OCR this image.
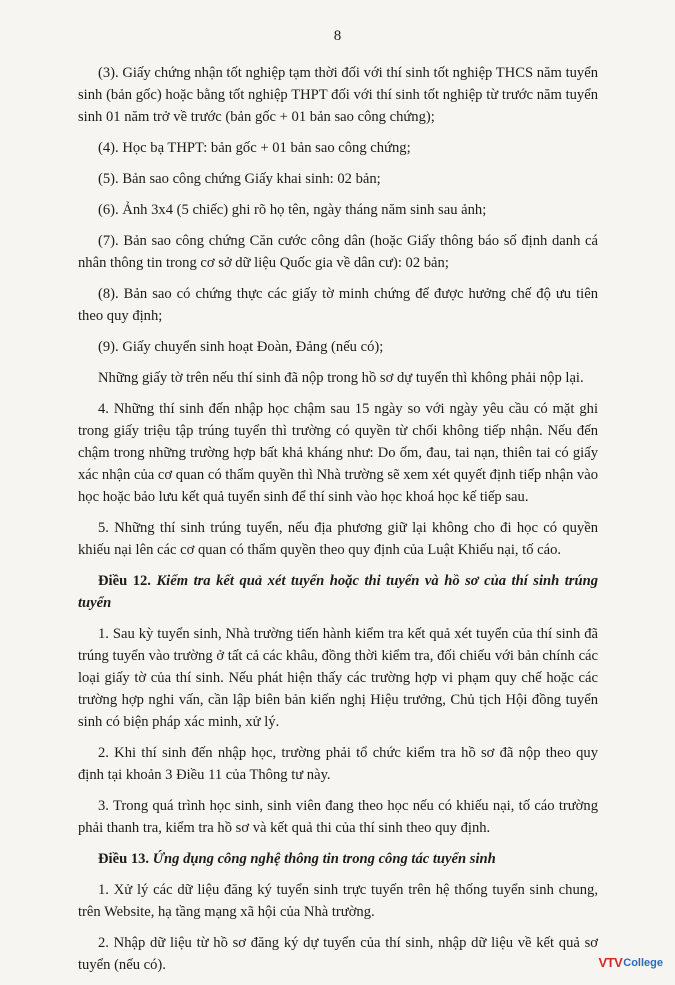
8

(3). Giấy chứng nhận tốt nghiệp tạm thời đối với thí sinh tốt nghiệp THCS năm tuyển sinh (bản gốc) hoặc bằng tốt nghiệp THPT đối với thí sinh tốt nghiệp từ trước năm tuyển sinh 01 năm trở về trước (bản gốc + 01 bản sao công chứng);

(4). Học bạ THPT: bản gốc + 01 bản sao công chứng;

(5). Bản sao công chứng Giấy khai sinh: 02 bản;

(6). Ảnh 3x4 (5 chiếc) ghi rõ họ tên, ngày tháng năm sinh sau ảnh;

(7). Bản sao công chứng Căn cước công dân (hoặc Giấy thông báo số định danh cá nhân thông tin trong cơ sở dữ liệu Quốc gia về dân cư): 02 bản;

(8). Bản sao có chứng thực các giấy tờ minh chứng để được hưởng chế độ ưu tiên theo quy định;

(9). Giấy chuyển sinh hoạt Đoàn, Đảng (nếu có);

Những giấy tờ trên nếu thí sinh đã nộp trong hồ sơ dự tuyển thì không phải nộp lại.

4. Những thí sinh đến nhập học chậm sau 15 ngày so với ngày yêu cầu có mặt ghi trong giấy triệu tập trúng tuyển thì trường có quyền từ chối không tiếp nhận. Nếu đến chậm trong những trường hợp bất khả kháng như: Do ốm, đau, tai nạn, thiên tai có giấy xác nhận của cơ quan có thẩm quyền thì Nhà trường sẽ xem xét quyết định tiếp nhận vào học hoặc bảo lưu kết quả tuyển sinh để thí sinh vào học khoá học kế tiếp sau.

5. Những thí sinh trúng tuyển, nếu địa phương giữ lại không cho đi học có quyền khiếu nại lên các cơ quan có thẩm quyền theo quy định của Luật Khiếu nại, tố cáo.

Điều 12. Kiểm tra kết quả xét tuyển hoặc thi tuyển và hồ sơ của thí sinh trúng tuyển

1. Sau kỳ tuyển sinh, Nhà trường tiến hành kiểm tra kết quả xét tuyển của thí sinh đã trúng tuyển vào trường ở tất cả các khâu, đồng thời kiểm tra, đối chiếu với bản chính các loại giấy tờ của thí sinh. Nếu phát hiện thấy các trường hợp vi phạm quy chế hoặc các trường hợp nghi vấn, cần lập biên bản kiến nghị Hiệu trưởng, Chủ tịch Hội đồng tuyển sinh có biện pháp xác minh, xử lý.

2. Khi thí sinh đến nhập học, trường phải tổ chức kiểm tra hồ sơ đã nộp theo quy định tại khoản 3 Điều 11 của Thông tư này.

3. Trong quá trình học sinh, sinh viên đang theo học nếu có khiếu nại, tố cáo trường phải thanh tra, kiểm tra hồ sơ và kết quả thi của thí sinh theo quy định.

Điều 13. Ứng dụng công nghệ thông tin trong công tác tuyển sinh

1. Xử lý các dữ liệu đăng ký tuyển sinh trực tuyến trên hệ thống tuyển sinh chung, trên Website, hạ tầng mạng xã hội của Nhà trường.

2. Nhập dữ liệu từ hồ sơ đăng ký dự tuyển của thí sinh, nhập dữ liệu về kết quả sơ tuyển (nếu có).	VTV College
